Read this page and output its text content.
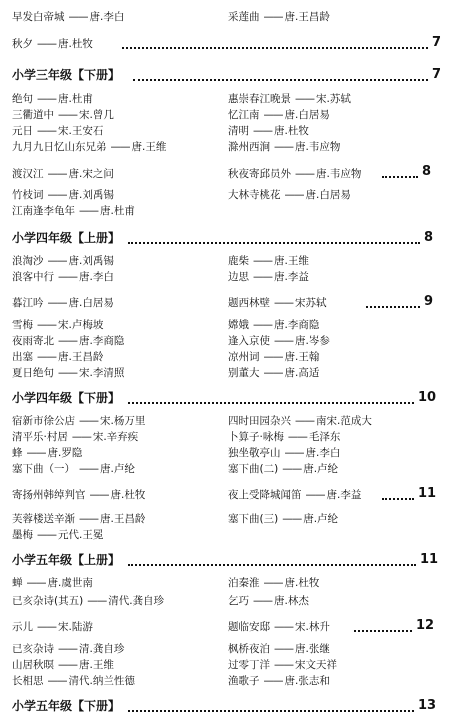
早发白帝城 —— 唐.李白	采莲曲 —— 唐.王昌龄
秋夕 —— 唐.杜牧	7
小学三年级【下册】	7
绝句 —— 唐.杜甫	惠崇春江晚景 —— 宋.苏轼
三衢道中 —— 宋.曾几	忆江南 —— 唐.白居易
元日 —— 宋.王安石	清明 —— 唐.杜牧
九月九日忆山东兄弟 —— 唐.王维	滁州西涧 —— 唐.韦应物
渡汉江 —— 唐.宋之问	秋夜寄邱员外 —— 唐.韦应物	8
竹枝词 —— 唐.刘禹锡	大林寺桃花 —— 唐.白居易
江南逢李龟年 —— 唐.杜甫
小学四年级【上册】	8
浪淘沙 —— 唐.刘禹锡	鹿柴 —— 唐.王维
浪客中行 —— 唐.李白	边思 —— 唐.李益
暮江吟 —— 唐.白居易	题西林壁 —— 宋苏轼	9
雪梅 —— 宋.卢梅坡	嫦娥 —— 唐.李商隐
夜雨寄北 —— 唐.李商隐	逢入京使 —— 唐.岑参
出塞 —— 唐.王昌龄	凉州词 —— 唐.王翰
夏日绝句 —— 宋.李清照	别董大 —— 唐.高适
小学四年级【下册】	10
宿新市徐公店 —— 宋.杨万里	四时田园杂兴 —— 南宋.范成大
清平乐·村居 —— 宋.辛弃疾	卜算子·咏梅 —— 毛泽东
蜂 —— 唐.罗隐	独坐敬亭山 —— 唐.李白
塞下曲（一） —— 唐.卢纶	塞下曲(二) —— 唐.卢纶
寄扬州韩绰判官 —— 唐.杜牧	夜上受降城闻笛 —— 唐.李益	11
芙蓉楼送辛渐 —— 唐.王昌龄	塞下曲(三) —— 唐.卢纶
墨梅 —— 元代.王冕
小学五年级【上册】	11
蝉 —— 唐.虞世南	泊秦淮 —— 唐.杜牧
已亥杂诗(其五) —— 清代.龚自珍	乞巧 —— 唐.林杰
示儿 —— 宋.陆游	题临安邸 —— 宋.林升	12
已亥杂诗 —— 清.龚自珍	枫桥夜泊 —— 唐.张继
山居秋暝 —— 唐.王维	过零丁洋 —— 宋文天祥
长相思 —— 清代.纳兰性德	渔歌子 —— 唐.张志和
小学五年级【下册】	13
